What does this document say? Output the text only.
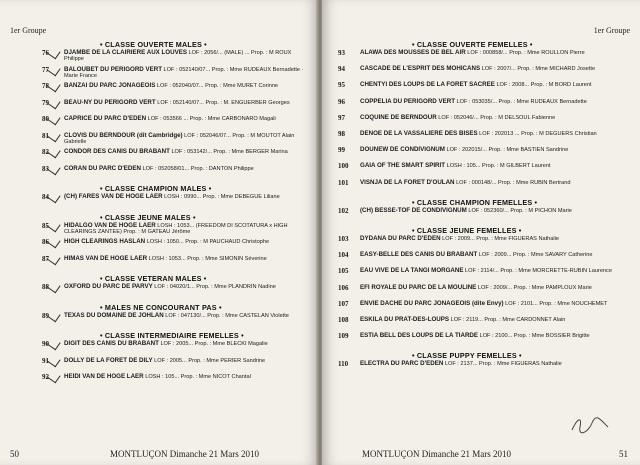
1er Groupe
• CLASSE OUVERTE MALES •
76 DJAMBE DE LA CLAIRIERE AUX LOUVES LOF : 2056/... (MALE) ... Prop. : M ROUX Philippe
77 BALOUBET DU PERIGORD VERT LOF : 052140/07... Prop. : Mme RUDEAUX Bernadette · Marie France
78 BANZAI DU PARC JONAGEOIS LOF : 052040/07... Prop. : Mme MURET Corinne
79 BEAU-NY DU PERIGORD VERT LOF : 052140/07... Prop. : M. ENGUERBER Georges
80 CAPRICE DU PARC D'EDEN LOF : 053566 ... Prop. : Mme CARBONARO Magali
81 CLOVIS DU BERNDOUR (dit Cambridge) LOF : 052046/07... Prop. : M MOUTOT Alain Gabrielle
82 CONDOR DES CANIS DU BRABANT LOF : 053142/... Prop. : Mme BERGER Marina
83 CORAN DU PARC D'EDEN LOF : 052058/01... Prop. : DANTON Philippe
• CLASSE CHAMPION MALES •
84 (CH) FARES VAN DE HOGE LAER LOSH : 0990... Prop. : Mme DEBEGUE Liliane
• CLASSE JEUNE MALES •
85 HIDALGO VAN DE HOGE LAER LOSH : 1053... (FREEDOM DI SCOTATURA x HIGH CLEARINGS ZANTEE) Prop. : M GATEAU Jérôme
86 HIGH CLEARINGS HASLAN LOSH : 1050... Prop. : M PAUCHAUD Christophe
87 HIMAS VAN DE HOGE LAER LOSH : 1053... Prop. : Mme SIMONIN Séverine
• CLASSE VETERAN MALES •
88 OXFORD DU PARC DE PARVY LOF : 04020/1... Prop. : Mme PLANDRIN Nadine
• MALES NE CONCOURANT PAS •
89 TEXAS DU DOMAINE DE JOHLAN LOF : 047130/... Prop. : Mme CASTELAN Violette
• CLASSE INTERMEDIAIRE FEMELLES •
90 DIGIT DES CANIS DU BRABANT LOF : 2005... Prop. : Mme BLECKI Magalie
91 DOLLY DE LA FORET DE DILY LOF : 2005... Prop. : Mme PERIER Sandrine
92 HEIDI VAN DE HOGE LAER LOSH : 105... Prop. : Mme NICOT Chantal
50	MONTLUÇON Dimanche 21 Mars 2010
1er Groupe
• CLASSE OUVERTE FEMELLES •
93 ALAWA DES MOUSSES DE BEL AIR LOF : 000858/... Prop. : Mme ROULLON Pierre
94 CASCADE DE L'ESPRIT DES MOHICANS LOF : 2007/... Prop. : Mme MICHARD Josette
95 CHENTYI DES LOUPS DE LA FORET SACREE LOF : 2008... Prop. : M BORD Laurent
96 COPPELIA DU PERIGORD VERT LOF : 053035/... Prop. : Mme RUDEAUX Bernadette
97 COQUINE DE BERNDOUR LOF : 052046/... Prop. : M DELSOUL Fabienne
98 DENOE DE LA VASSALIERE DES BISES LOF : 202013 ... Prop. : M DEGUERS Christian
99 DOUNEW DE CONDIVIGNUM LOF : 202015/... Prop. : Mme BASTIEN Sandrine
100 GAIA OF THE SMART SPIRIT LOSH : 105... Prop. : M GILBERT Laurent
101 VISNJA DE LA FORET D'OULAN LOF : 000148/... Prop. : Mme RUBIN Bertrand
• CLASSE CHAMPION FEMELLES •
102 (CH) BESSE-TOF DE CONDIVIGNUM LOF : 052360/... Prop. : M PICHON Marie
• CLASSE JEUNE FEMELLES •
103 DYDANA DU PARC D'EDEN LOF : 2009... Prop. : Mme FIGUERAS Nathalie
104 EASY-BELLE DES CANIS DU BRABANT LOF : 2009... Prop. : Mme SAVARY Catherine
105 EAU VIVE DE LA TANGI MORGANE LOF : 2114/... Prop. : Mme MORCRETTE-RUBIN Laurence
106 EFI ROYALE DU PARC DE LA MOULINE LOF : 2009/... Prop. : Mme PAMPLOUX Marie
107 ENVIE DACHE DU PARC JONAGEOIS (dite Envy) LOF : 2101... Prop. : Mme NOUCHEMET
108 ESKILA DU PRAT-DES-LOUPS LOF : 2119... Prop. : Mme CARDONNET Alain
109 ESTIA BELL DES LOUPS DE LA TIARDE LOF : 2100... Prop. : Mme BOSSIER Brigitte
• CLASSE PUPPY FEMELLES •
110 ELECTRA DU PARC D'EDEN LOF : 2137... Prop. : Mme FIGUERAS Nathalie
51
MONTLUÇON Dimanche 21 Mars 2010
